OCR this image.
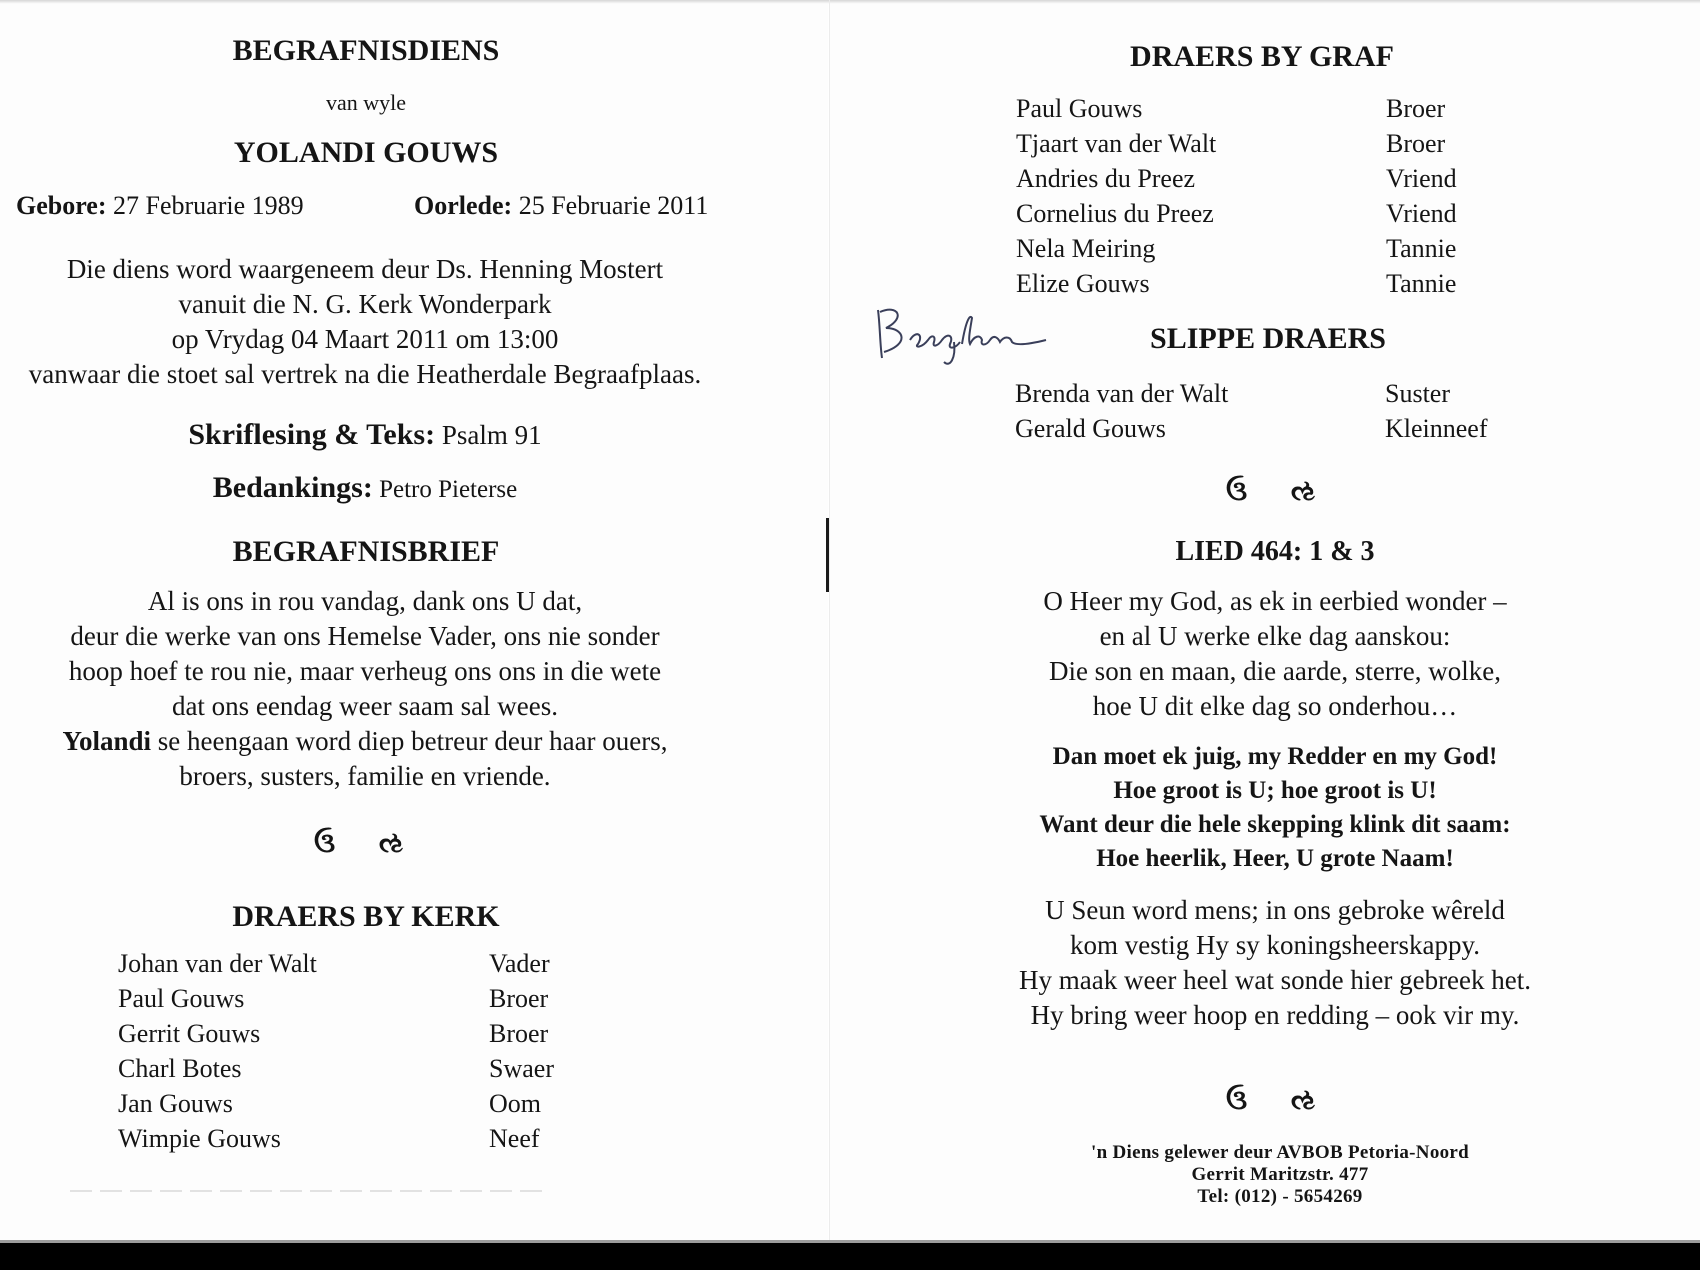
BEGRAFNISDIENS
van wyle
YOLANDI GOUWS
Gebore: 27 Februarie 1989	Oorlede: 25 Februarie 2011
Die diens word waargeneem deur Ds. Henning Mostert
vanuit die N. G. Kerk Wonderpark
op Vrydag 04 Maart 2011 om 13:00
vanwaar die stoet sal vertrek na die Heatherdale Begraafplaas.
Skriflesing & Teks: Psalm 91
Bedankings: Petro Pieterse
BEGRAFNISBRIEF
Al is ons in rou vandag, dank ons U dat,
deur die werke van ons Hemelse Vader, ons nie sonder
hoop hoef te rou nie, maar verheug ons ons in die wete
dat ons eendag weer saam sal wees.
Yolandi se heengaan word diep betreur deur haar ouers,
broers, susters, familie en vriende.
ઉ ઌ
DRAERS BY KERK
Johan van der Walt	Vader
Paul Gouws	Broer
Gerrit Gouws	Broer
Charl Botes	Swaer
Jan Gouws	Oom
Wimpie Gouws	Neef
DRAERS BY GRAF
Paul Gouws	Broer
Tjaart van der Walt	Broer
Andries du Preez	Vriend
Cornelius du Preez	Vriend
Nela Meiring	Tannie
Elize Gouws	Tannie
SLIPPE DRAERS
Brenda van der Walt	Suster
Gerald Gouws	Kleinneef
ઉ ઌ
LIED 464: 1 & 3
O Heer my God, as ek in eerbied wonder –
en al U werke elke dag aanskou:
Die son en maan, die aarde, sterre, wolke,
hoe U dit elke dag so onderhou…
Dan moet ek juig, my Redder en my God!
Hoe groot is U; hoe groot is U!
Want deur die hele skepping klink dit saam:
Hoe heerlik, Heer, U grote Naam!
U Seun word mens; in ons gebroke wêreld
kom vestig Hy sy koningsheerskappy.
Hy maak weer heel wat sonde hier gebreek het.
Hy bring weer hoop en redding – ook vir my.
ઉ ઌ
'n Diens gelewer deur AVBOB Petoria-Noord
Gerrit Maritzstr. 477
Tel: (012) - 5654269
